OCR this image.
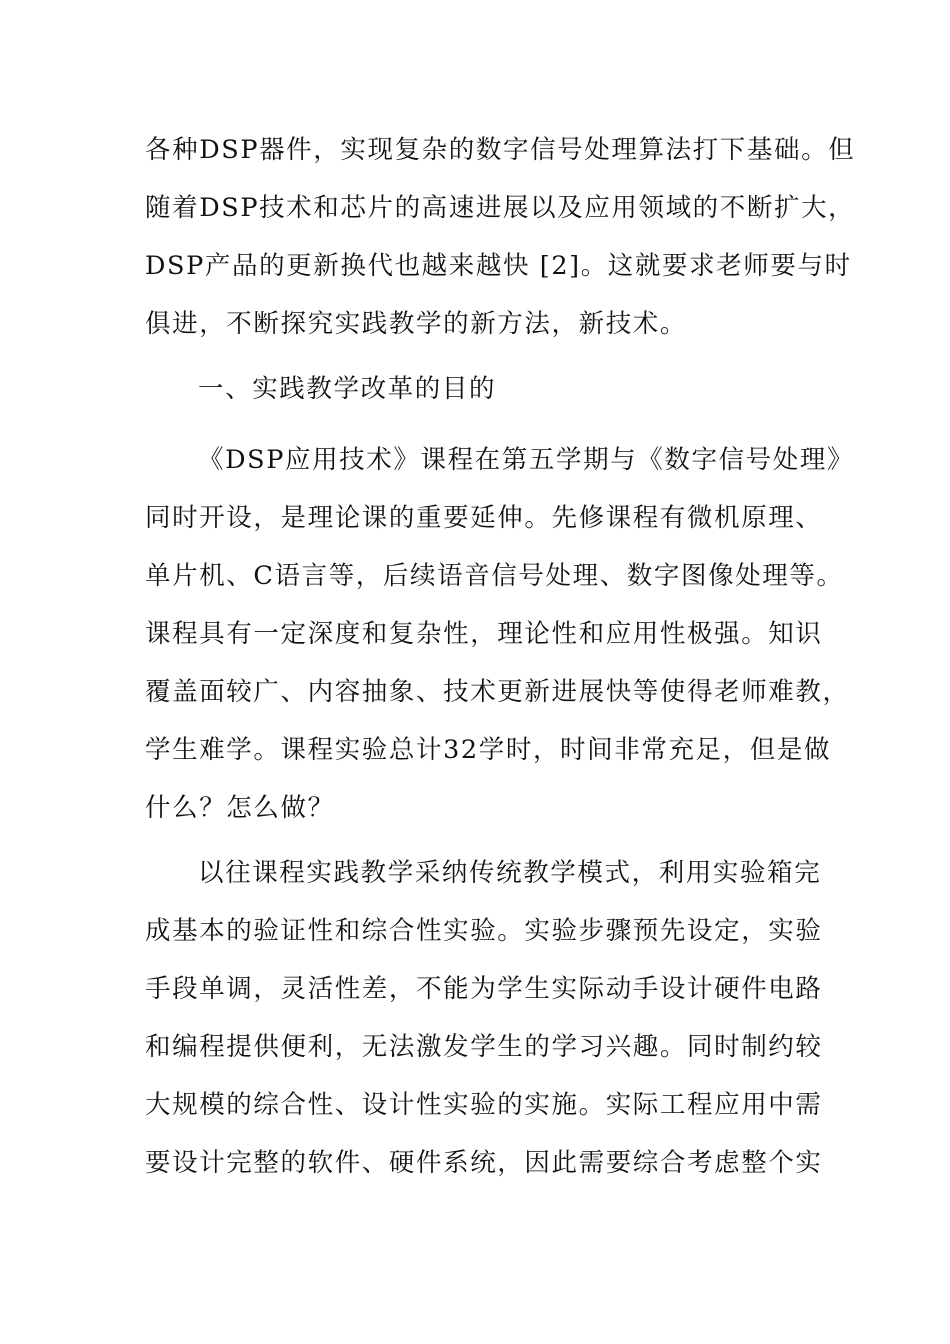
各种DSP器件，实现复杂的数字信号处理算法打下基础。但
随着DSP技术和芯片的高速进展以及应用领域的不断扩大，
DSP产品的更新换代也越来越快 [2]。这就要求老师要与时
俱进，不断探究实践教学的新方法，新技术。
一、实践教学改革的目的
《DSP应用技术》课程在第五学期与《数字信号处理》
同时开设，是理论课的重要延伸。先修课程有微机原理、
单片机、C语言等，后续语音信号处理、数字图像处理等。
课程具有一定深度和复杂性，理论性和应用性极强。知识
覆盖面较广、内容抽象、技术更新进展快等使得老师难教，
学生难学。课程实验总计32学时，时间非常充足，但是做
什么？怎么做？
以往课程实践教学采纳传统教学模式，利用实验箱完
成基本的验证性和综合性实验。实验步骤预先设定，实验
手段单调，灵活性差，不能为学生实际动手设计硬件电路
和编程提供便利，无法激发学生的学习兴趣。同时制约较
大规模的综合性、设计性实验的实施。实际工程应用中需
要设计完整的软件、硬件系统，因此需要综合考虑整个实
